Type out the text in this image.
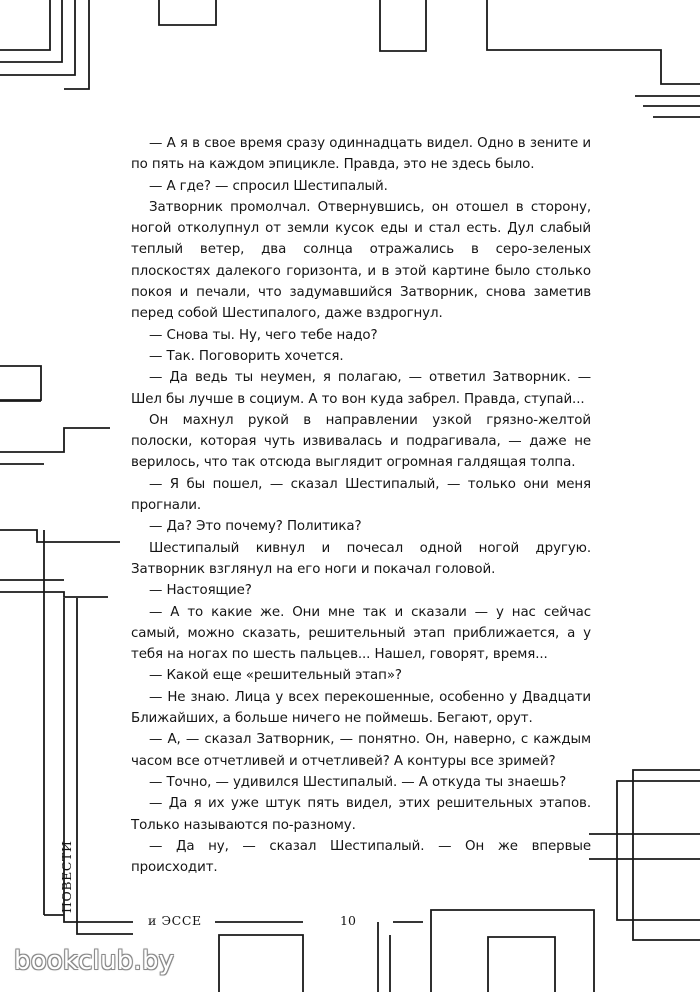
— А я в свое время сразу одиннадцать видел. Одно в зените и по пять на каждом эпицикле. Правда, это не здесь было.

— А где? — спросил Шестипалый.

Затворник промолчал. Отвернувшись, он отошел в сторону, ногой отколупнул от земли кусок еды и стал есть. Дул слабый теплый ветер, два солнца отражались в серо-зеленых плоскостях далекого горизонта, и в этой картине было столько покоя и печали, что задумавшийся Затворник, снова заметив перед собой Шестипалого, даже вздрогнул.

— Снова ты. Ну, чего тебе надо?

— Так. Поговорить хочется.

— Да ведь ты неумен, я полагаю, — ответил Затворник. — Шел бы лучше в социум. А то вон куда забрел. Правда, ступай...

Он махнул рукой в направлении узкой грязно-желтой полоски, которая чуть извивалась и подрагивала, — даже не верилось, что так отсюда выглядит огромная галдящая толпа.

— Я бы пошел, — сказал Шестипалый, — только они меня прогнали.

— Да? Это почему? Политика?

Шестипалый кивнул и почесал одной ногой другую. Затворник взглянул на его ноги и покачал головой.

— Настоящие?

— А то какие же. Они мне так и сказали — у нас сейчас самый, можно сказать, решительный этап приближается, а у тебя на ногах по шесть пальцев... Нашел, говорят, время...

— Какой еще «решительный этап»?

— Не знаю. Лица у всех перекошенные, особенно у Двадцати Ближайших, а больше ничего не поймешь. Бегают, орут.

— А, — сказал Затворник, — понятно. Он, наверно, с каждым часом все отчетливей и отчетливей? А контуры все зримей?

— Точно, — удивился Шестипалый. — А откуда ты знаешь?

— Да я их уже штук пять видел, этих решительных этапов. Только называются по-разному.

— Да ну, — сказал Шестипалый. — Он же впервые происходит.

ПОВЕСТИ
и ЭССЕ	10
bookclub.by
